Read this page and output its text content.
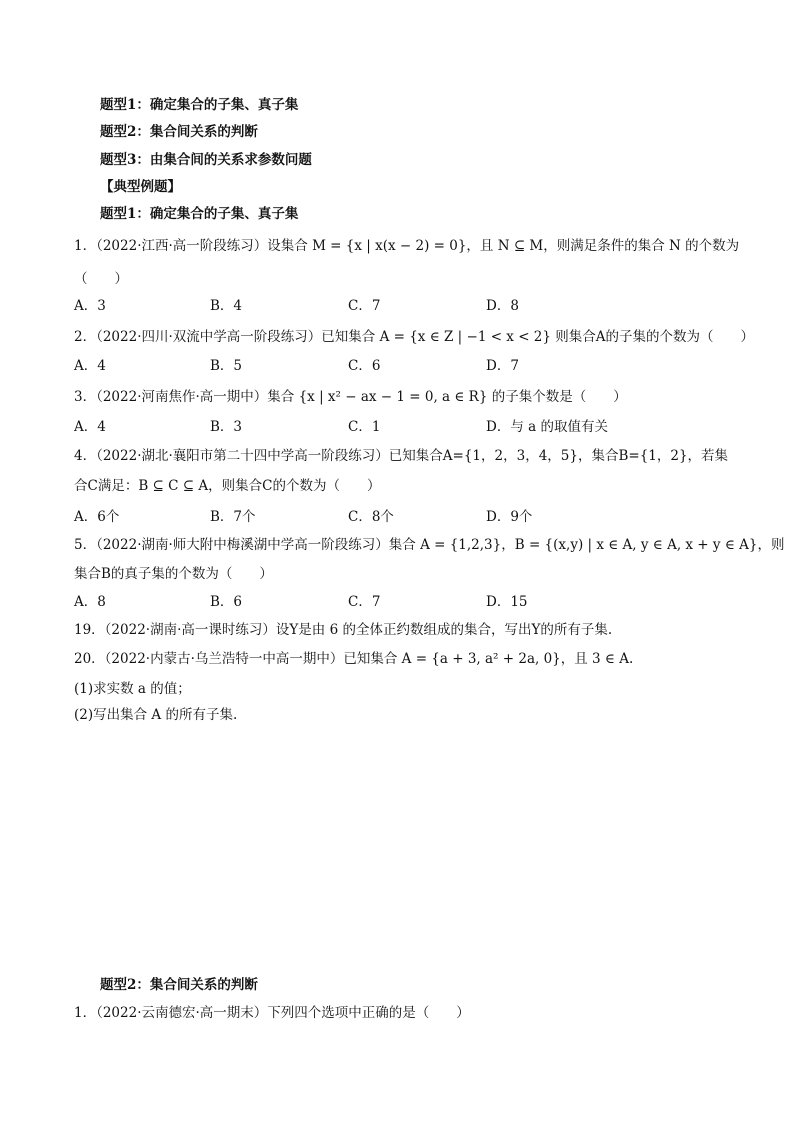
题型1：确定集合的子集、真子集
题型2：集合间关系的判断
题型3：由集合间的关系求参数问题
【典型例题】
题型1：确定集合的子集、真子集
1．（2022·江西·高一阶段练习）设集合 M = {x | x(x − 2) = 0}，且 N ⊆ M，则满足条件的集合 N 的个数为
（　　）
A．3	B．4	C．7	D．8
2．（2022·四川·双流中学高一阶段练习）已知集合 A = {x ∈ Z | −1 < x < 2} 则集合A的子集的个数为（　　）
A．4	B．5	C．6	D．7
3．（2022·河南焦作·高一期中）集合 {x | x² − ax − 1 = 0, a ∈ R} 的子集个数是（　　）
A．4	B．3	C．1	D．与 a 的取值有关
4．（2022·湖北·襄阳市第二十四中学高一阶段练习）已知集合A={1，2，3，4，5}，集合B={1，2}，若集
合C满足：B ⊆ C ⊆ A，则集合C的个数为（　　）
A．6个	B．7个	C．8个	D．9个
5．（2022·湖南·师大附中梅溪湖中学高一阶段练习）集合 A = {1,2,3}，B = {(x,y) | x ∈ A, y ∈ A, x + y ∈ A}，则
集合B的真子集的个数为（　　）
A．8	B．6	C．7	D．15
19．（2022·湖南·高一课时练习）设Y是由 6 的全体正约数组成的集合，写出Y的所有子集.
20．（2022·内蒙古·乌兰浩特一中高一期中）已知集合 A = {a + 3, a² + 2a, 0}，且 3 ∈ A.
(1)求实数 a 的值；
(2)写出集合 A 的所有子集.
题型2：集合间关系的判断
1．（2022·云南德宏·高一期末）下列四个选项中正确的是（　　）
